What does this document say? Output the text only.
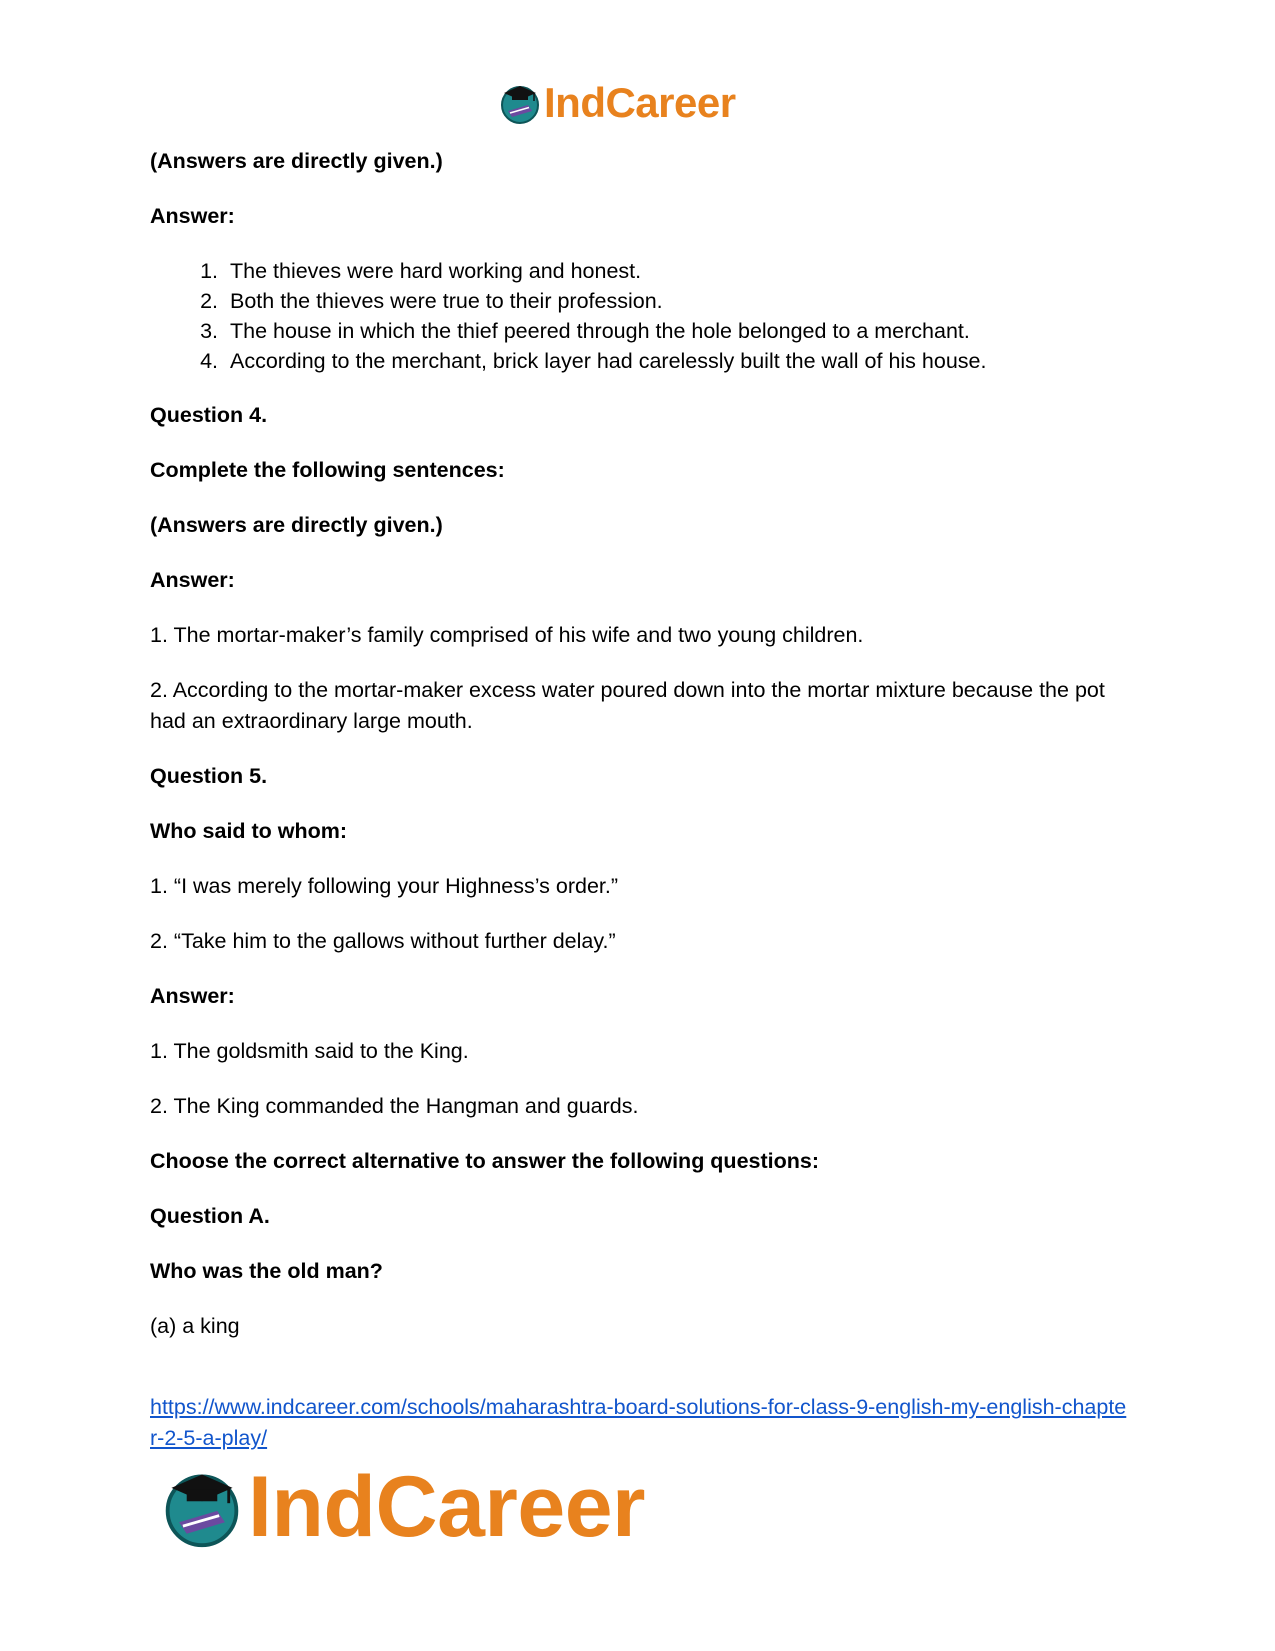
IndCareer

(Answers are directly given.)

Answer:

1. The thieves were hard working and honest.
2. Both the thieves were true to their profession.
3. The house in which the thief peered through the hole belonged to a merchant.
4. According to the merchant, brick layer had carelessly built the wall of his house.

Question 4.

Complete the following sentences:

(Answers are directly given.)

Answer:

1. The mortar-maker’s family comprised of his wife and two young children.

2. According to the mortar-maker excess water poured down into the mortar mixture because the pot had an extraordinary large mouth.

Question 5.

Who said to whom:

1. “I was merely following your Highness’s order.”

2. “Take him to the gallows without further delay.”

Answer:

1. The goldsmith said to the King.

2. The King commanded the Hangman and guards.

Choose the correct alternative to answer the following questions:

Question A.

Who was the old man?

(a) a king

https://www.indcareer.com/schools/maharashtra-board-solutions-for-class-9-english-my-english-chapter-2-5-a-play/
IndCareer
